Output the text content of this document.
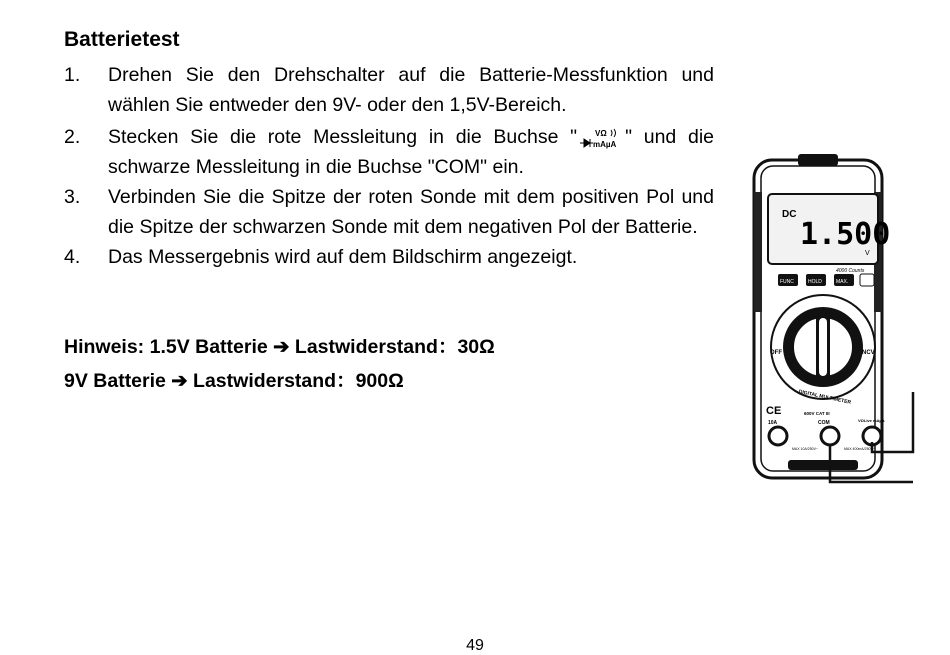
Batterietest
1. Drehen Sie den Drehschalter auf die Batterie-Messfunktion und wählen Sie entweder den 9V- oder den 1,5V-Bereich.
2. Stecken Sie die rote Messleitung in die Buchse " VΩ
mAµA " und die schwarze Messleitung in die Buchse "COM" ein.
3. Verbinden Sie die Spitze der roten Sonde mit dem positiven Pol und die Spitze der schwarzen Sonde mit dem negativen Pol der Batterie.
4. Das Messergebnis wird auf dem Bildschirm angezeigt.
Hinweis: 1.5V Batterie ➔ Lastwiderstand：30Ω
9V Batterie ➔ Lastwiderstand：900Ω
DC
1.500
V
4000 Counts
FUNC	HOLD	MAX.
OFF	NCV
DIGITAL MULTIMETER
CE	600V CAT III
10A	COM	VΩLive mAµA
MAX 10A/250V~	MAX 400mA/250V~
49
